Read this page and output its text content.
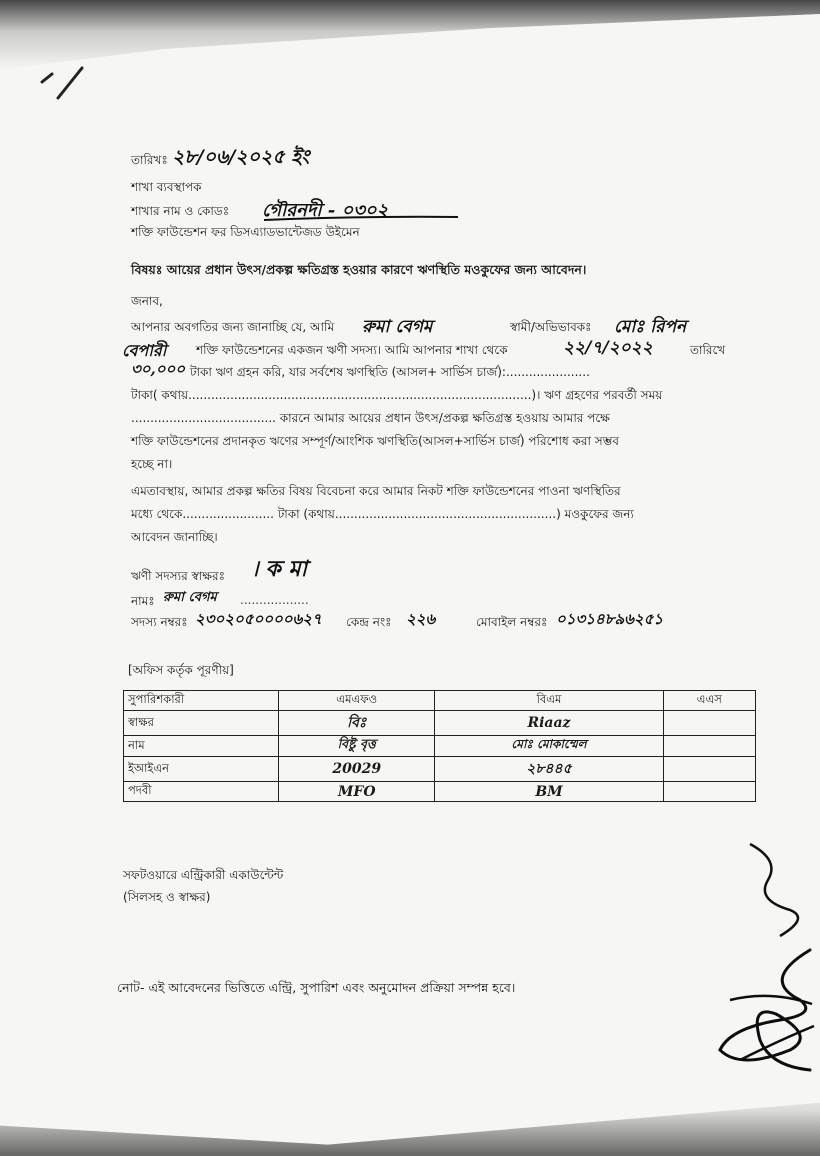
তারিখঃ ২৮/০৬/২০২৫ ইং
শাখা ব্যবস্থাপক
শাখার নাম ও কোডঃ গৌরনদী - ০৩০২
শক্তি ফাউন্ডেশন ফর ডিসএ্যাডভান্টেজড উইমেন
বিষয়ঃ আয়ের প্রধান উৎস/প্রকল্প ক্ষতিগ্রস্ত হওয়ার কারণে ঋণস্থিতি মওকুফের জন্য আবেদন।
জনাব,
আপনার অবগতির জন্য জানাচ্ছি যে, আমি রুমা বেগম	স্বামী/অভিভাবকঃ মোঃ রিপন
বেপারী শক্তি ফাউন্ডেশনের একজন ঋণী সদস্য। আমি আপনার শাখা থেকে	২২/৭/২০২২	তারিখে
৩০,০০০ টাকা ঋণ গ্রহন করি, যার সর্বশেষ ঋণস্থিতি (আসল+ সার্ভিস চার্জ):......................
টাকা( কথায়..........................................................................................)। ঋণ গ্রহণের পরবর্তী সময়
...................................... কারনে আমার আয়ের প্রধান উৎস/প্রকল্প ক্ষতিগ্রস্ত হওয়ায় আমার পক্ষে
শক্তি ফাউন্ডেশনের প্রদানকৃত ঋণের সম্পূর্ণ/আংশিক ঋণস্থিতি(আসল+সার্ভিস চার্জ) পরিশোধ করা সম্ভব
হচ্ছে না।
এমতাবস্থায়, আমার প্রকল্প ক্ষতির বিষয় বিবেচনা করে আমার নিকট শক্তি ফাউন্ডেশনের পাওনা ঋণস্থিতির
মধ্যে থেকে........................ টাকা (কথায়..........................................................) মওকুফের জন্য
আবেদন জানাচ্ছি।
ঋণী সদস্যর স্বাক্ষরঃ ৷ ক মা
নামঃ রুমা বেগম ..................
সদস্য নম্বরঃ ২৩০২০৫০০০০৬২৭ কেন্দ্র নংঃ ২২৬	মোবাইল নম্বরঃ ০১৩১৪৮৯৬২৫১
[অফিস কর্তৃক পূরণীয়]
সুপারিশকারী	এমএফও	বিএম	এএস
স্বাক্ষর	বিঃ	Riaaz	
নাম	বিষ্টু বৃত্ত	মোঃ মোকাম্মেল	
ইআইএন	20029	২৮৪৪৫	
পদবী	MFO	BM	
সফটওয়ারে এন্ট্রিকারী একাউন্টেন্ট
(সিলসহ ও স্বাক্ষর)
নোট- এই আবেদনের ভিত্তিতে এন্ট্রি, সুপারিশ এবং অনুমোদন প্রক্রিয়া সম্পন্ন হবে।
